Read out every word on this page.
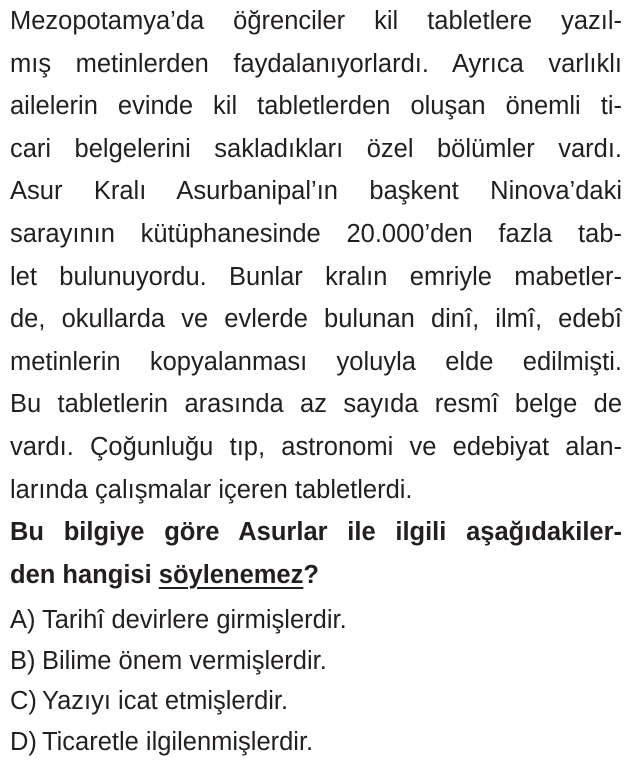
Mezopotamya’da öğrenciler kil tabletlere yazıl-
mış metinlerden faydalanıyorlardı. Ayrıca varlıklı
ailelerin evinde kil tabletlerden oluşan önemli ti-
cari belgelerini sakladıkları özel bölümler vardı.
Asur Kralı Asurbanipal’ın başkent Ninova’daki
sarayının kütüphanesinde 20.000’den fazla tab-
let bulunuyordu. Bunlar kralın emriyle mabetler-
de, okullarda ve evlerde bulunan dinî, ilmî, edebî
metinlerin kopyalanması yoluyla elde edilmişti.
Bu tabletlerin arasında az sayıda resmî belge de
vardı. Çoğunluğu tıp, astronomi ve edebiyat alan-
larında çalışmalar içeren tabletlerdi.
Bu bilgiye göre Asurlar ile ilgili aşağıdakiler-
den hangisi söylenemez?
A) Tarihî devirlere girmişlerdir.
B) Bilime önem vermişlerdir.
C) Yazıyı icat etmişlerdir.
D) Ticaretle ilgilenmişlerdir.
